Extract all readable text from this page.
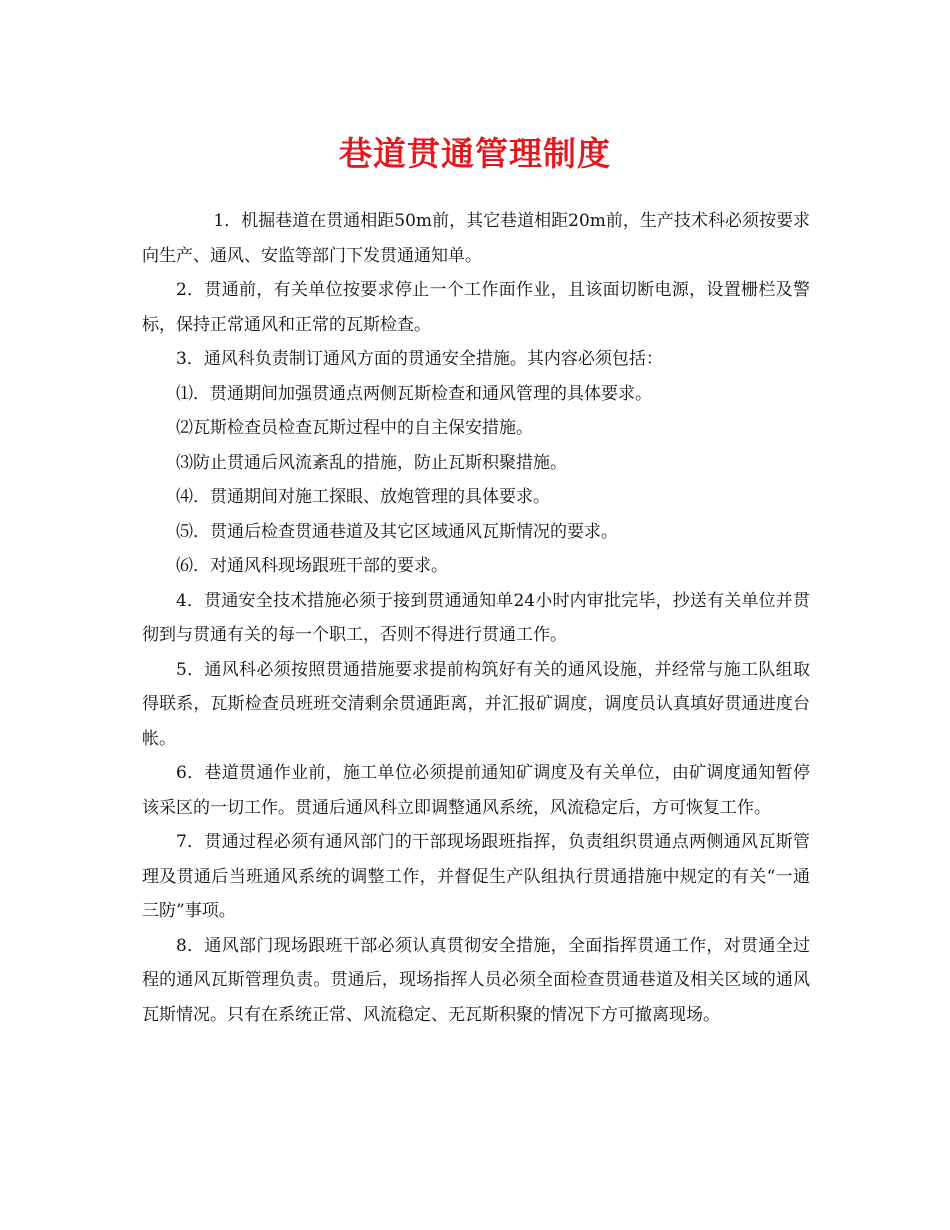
巷道贯通管理制度

1．机掘巷道在贯通相距50m前，其它巷道相距20m前，生产技术科必须按要求向生产、通风、安监等部门下发贯通通知单。

2．贯通前，有关单位按要求停止一个工作面作业，且该面切断电源，设置栅栏及警标，保持正常通风和正常的瓦斯检查。

3．通风科负责制订通风方面的贯通安全措施。其内容必须包括：

⑴．贯通期间加强贯通点两侧瓦斯检查和通风管理的具体要求。

⑵瓦斯检查员检查瓦斯过程中的自主保安措施。

⑶防止贯通后风流紊乱的措施，防止瓦斯积聚措施。

⑷．贯通期间对施工探眼、放炮管理的具体要求。

⑸．贯通后检查贯通巷道及其它区域通风瓦斯情况的要求。

⑹．对通风科现场跟班干部的要求。

4．贯通安全技术措施必须于接到贯通通知单24小时内审批完毕，抄送有关单位并贯彻到与贯通有关的每一个职工，否则不得进行贯通工作。

5．通风科必须按照贯通措施要求提前构筑好有关的通风设施，并经常与施工队组取得联系，瓦斯检查员班班交清剩余贯通距离，并汇报矿调度，调度员认真填好贯通进度台帐。

6．巷道贯通作业前，施工单位必须提前通知矿调度及有关单位，由矿调度通知暂停该采区的一切工作。贯通后通风科立即调整通风系统，风流稳定后，方可恢复工作。

7．贯通过程必须有通风部门的干部现场跟班指挥，负责组织贯通点两侧通风瓦斯管理及贯通后当班通风系统的调整工作，并督促生产队组执行贯通措施中规定的有关“一通三防”事项。

8．通风部门现场跟班干部必须认真贯彻安全措施，全面指挥贯通工作，对贯通全过程的通风瓦斯管理负责。贯通后，现场指挥人员必须全面检查贯通巷道及相关区域的通风瓦斯情况。只有在系统正常、风流稳定、无瓦斯积聚的情况下方可撤离现场。
